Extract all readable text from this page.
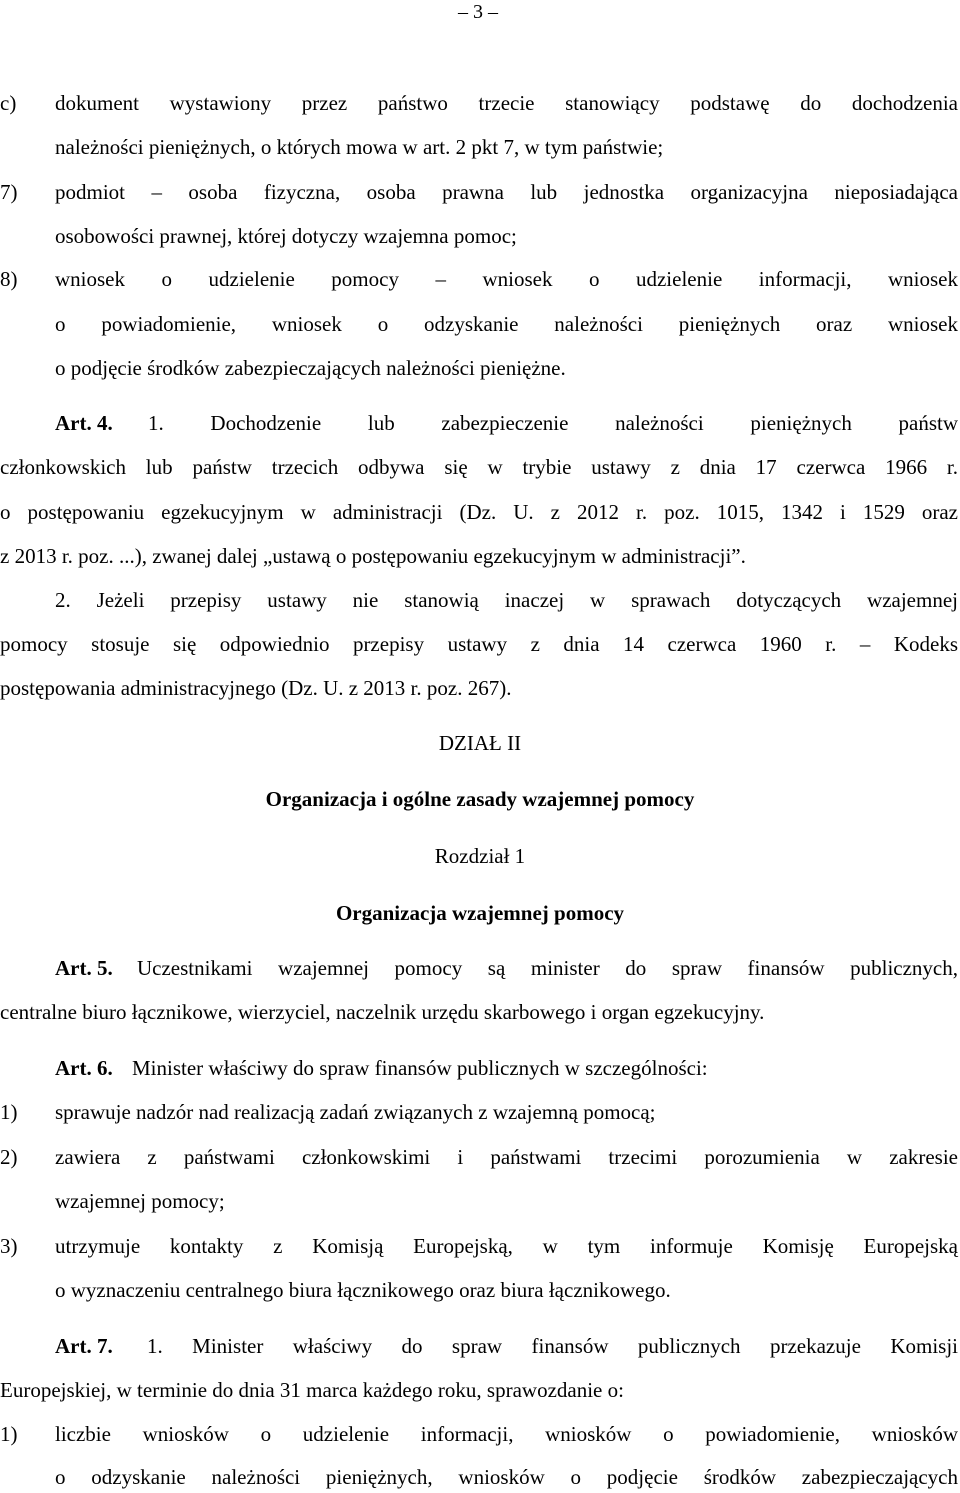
– 3 –
c) dokument wystawiony przez państwo trzecie stanowiący podstawę do dochodzenia
należności pieniężnych, o których mowa w art. 2 pkt 7, w tym państwie;
7) podmiot – osoba fizyczna, osoba prawna lub jednostka organizacyjna nieposiadająca
osobowości prawnej, której dotyczy wzajemna pomoc;
8) wniosek o udzielenie pomocy – wniosek o udzielenie informacji, wniosek
o powiadomienie, wniosek o odzyskanie należności pieniężnych oraz wniosek
o podjęcie środków zabezpieczających należności pieniężne.
Art. 4. 1. Dochodzenie lub zabezpieczenie należności pieniężnych państw
członkowskich lub państw trzecich odbywa się w trybie ustawy z dnia 17 czerwca 1966 r.
o postępowaniu egzekucyjnym w administracji (Dz. U. z 2012 r. poz. 1015, 1342 i 1529 oraz
z 2013 r. poz. ...), zwanej dalej „ustawą o postępowaniu egzekucyjnym w administracji”.
2. Jeżeli przepisy ustawy nie stanowią inaczej w sprawach dotyczących wzajemnej
pomocy stosuje się odpowiednio przepisy ustawy z dnia 14 czerwca 1960 r. – Kodeks
postępowania administracyjnego (Dz. U. z 2013 r. poz. 267).
DZIAŁ II
Organizacja i ogólne zasady wzajemnej pomocy
Rozdział 1
Organizacja wzajemnej pomocy
Art. 5. Uczestnikami wzajemnej pomocy są minister do spraw finansów publicznych,
centralne biuro łącznikowe, wierzyciel, naczelnik urzędu skarbowego i organ egzekucyjny.
Art. 6. Minister właściwy do spraw finansów publicznych w szczególności:
1) sprawuje nadzór nad realizacją zadań związanych z wzajemną pomocą;
2) zawiera z państwami członkowskimi i państwami trzecimi porozumienia w zakresie
wzajemnej pomocy;
3) utrzymuje kontakty z Komisją Europejską, w tym informuje Komisję Europejską
o wyznaczeniu centralnego biura łącznikowego oraz biura łącznikowego.
Art. 7. 1. Minister właściwy do spraw finansów publicznych przekazuje Komisji
Europejskiej, w terminie do dnia 31 marca każdego roku, sprawozdanie o:
1) liczbie wniosków o udzielenie informacji, wniosków o powiadomienie, wniosków
o odzyskanie należności pieniężnych, wniosków o podjęcie środków zabezpieczających
